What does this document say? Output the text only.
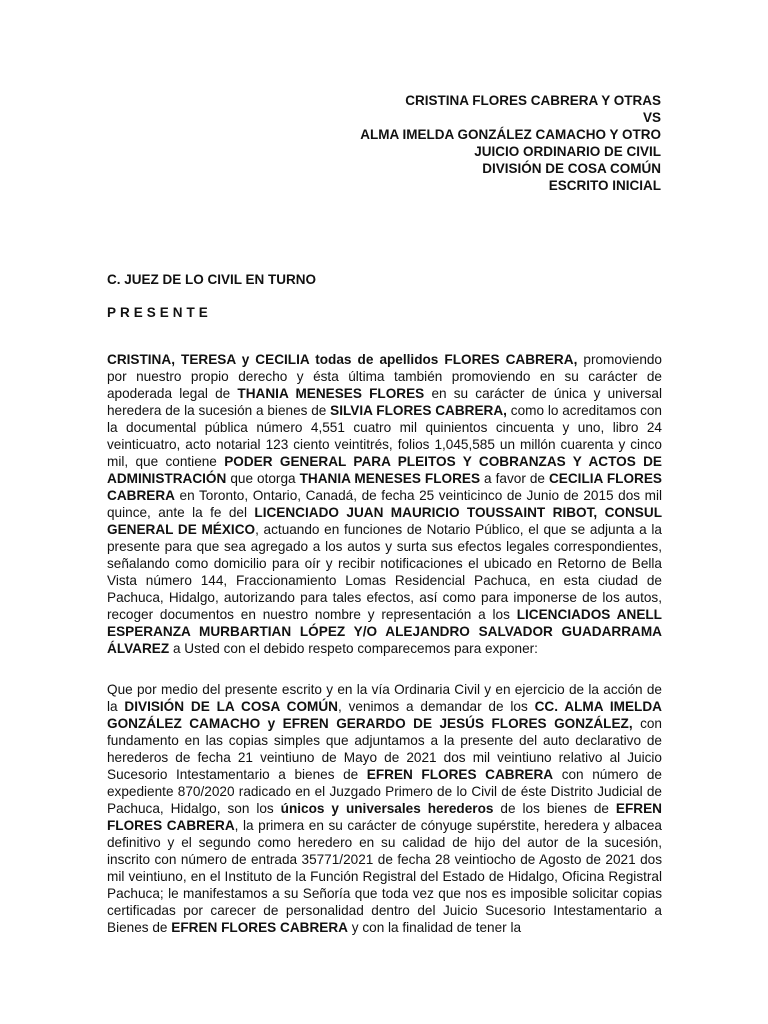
CRISTINA FLORES CABRERA Y OTRAS
VS
ALMA IMELDA GONZÁLEZ CAMACHO Y OTRO
JUICIO ORDINARIO DE CIVIL
DIVISIÓN DE COSA COMÚN
ESCRITO INICIAL
C. JUEZ DE LO CIVIL EN TURNO
PRESENTE
CRISTINA, TERESA y CECILIA todas de apellidos FLORES CABRERA, promoviendo por nuestro propio derecho y ésta última también promoviendo en su carácter de apoderada legal de THANIA MENESES FLORES en su carácter de única y universal heredera de la sucesión a bienes de SILVIA FLORES CABRERA, como lo acreditamos con la documental pública número 4,551 cuatro mil quinientos cincuenta y uno, libro 24 veinticuatro, acto notarial 123 ciento veintitrés, folios 1,045,585 un millón cuarenta y cinco mil, que contiene PODER GENERAL PARA PLEITOS Y COBRANZAS Y ACTOS DE ADMINISTRACIÓN que otorga THANIA MENESES FLORES a favor de CECILIA FLORES CABRERA en Toronto, Ontario, Canadá, de fecha 25 veinticinco de Junio de 2015 dos mil quince, ante la fe del LICENCIADO JUAN MAURICIO TOUSSAINT RIBOT, CONSUL GENERAL DE MÉXICO, actuando en funciones de Notario Público, el que se adjunta a la presente para que sea agregado a los autos y surta sus efectos legales correspondientes, señalando como domicilio para oír y recibir notificaciones el ubicado en Retorno de Bella Vista número 144, Fraccionamiento Lomas Residencial Pachuca, en esta ciudad de Pachuca, Hidalgo, autorizando para tales efectos, así como para imponerse de los autos, recoger documentos en nuestro nombre y representación a los LICENCIADOS ANELL ESPERANZA MURBARTIAN LÓPEZ Y/O ALEJANDRO SALVADOR GUADARRAMA ÁLVAREZ a Usted con el debido respeto comparecemos para exponer:
Que por medio del presente escrito y en la vía Ordinaria Civil y en ejercicio de la acción de la DIVISIÓN DE LA COSA COMÚN, venimos a demandar de los CC. ALMA IMELDA GONZÁLEZ CAMACHO y EFREN GERARDO DE JESÚS FLORES GONZÁLEZ, con fundamento en las copias simples que adjuntamos a la presente del auto declarativo de herederos de fecha 21 veintiuno de Mayo de 2021 dos mil veintiuno relativo al Juicio Sucesorio Intestamentario a bienes de EFREN FLORES CABRERA con número de expediente 870/2020 radicado en el Juzgado Primero de lo Civil de éste Distrito Judicial de Pachuca, Hidalgo, son los únicos y universales herederos de los bienes de EFREN FLORES CABRERA, la primera en su carácter de cónyuge supérstite, heredera y albacea definitivo y el segundo como heredero en su calidad de hijo del autor de la sucesión, inscrito con número de entrada 35771/2021 de fecha 28 veintiocho de Agosto de 2021 dos mil veintiuno, en el Instituto de la Función Registral del Estado de Hidalgo, Oficina Registral Pachuca; le manifestamos a su Señoría que toda vez que nos es imposible solicitar copias certificadas por carecer de personalidad dentro del Juicio Sucesorio Intestamentario a Bienes de EFREN FLORES CABRERA y con la finalidad de tener la
